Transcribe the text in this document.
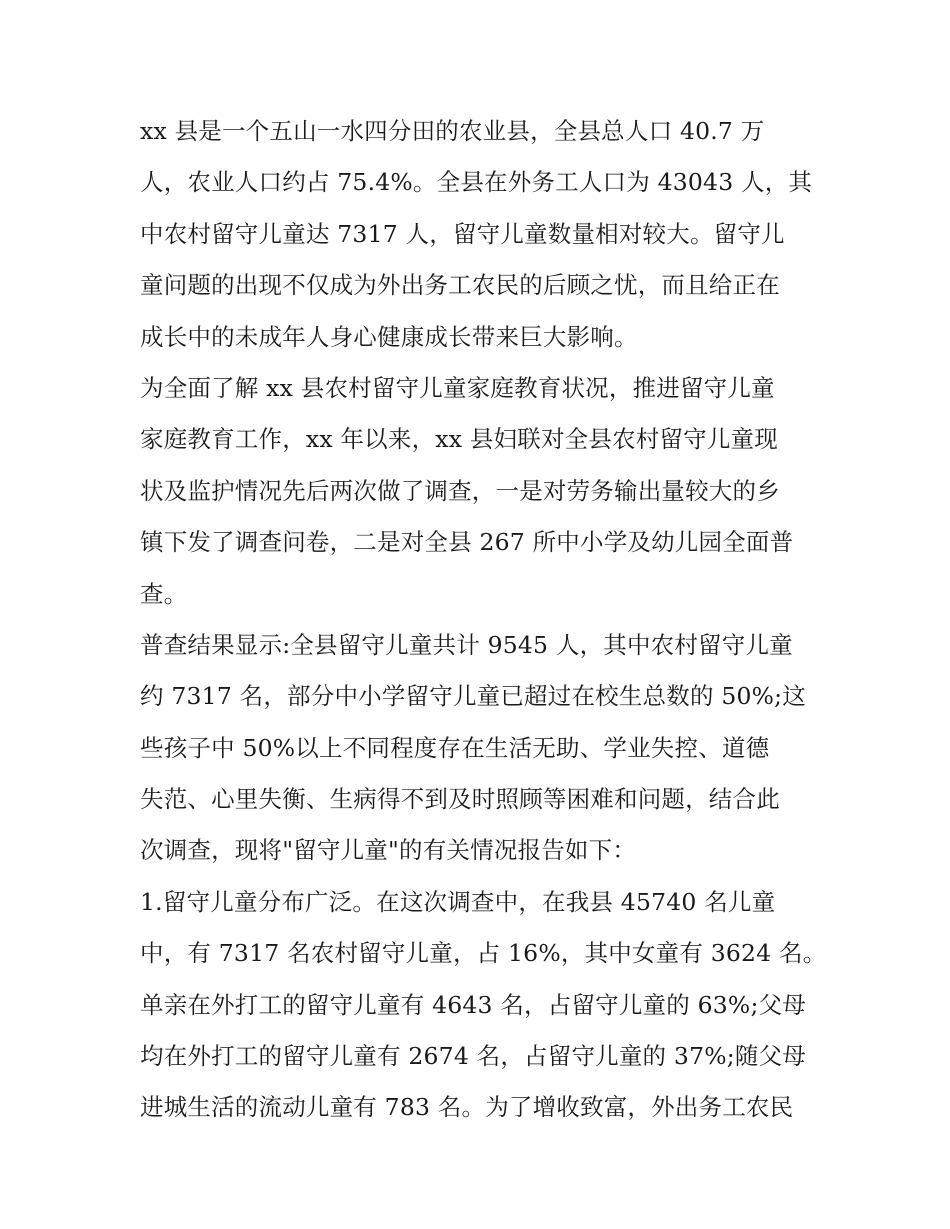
xx 县是一个五山一水四分田的农业县，全县总人口 40.7 万
人，农业人口约占 75.4%。全县在外务工人口为 43043 人，其
中农村留守儿童达 7317 人，留守儿童数量相对较大。留守儿
童问题的出现不仅成为外出务工农民的后顾之忧，而且给正在
成长中的未成年人身心健康成长带来巨大影响。
为全面了解 xx 县农村留守儿童家庭教育状况，推进留守儿童
家庭教育工作，xx 年以来，xx 县妇联对全县农村留守儿童现
状及监护情况先后两次做了调查，一是对劳务输出量较大的乡
镇下发了调查问卷，二是对全县 267 所中小学及幼儿园全面普
查。
普查结果显示:全县留守儿童共计 9545 人，其中农村留守儿童
约 7317 名，部分中小学留守儿童已超过在校生总数的 50%;这
些孩子中 50%以上不同程度存在生活无助、学业失控、道德
失范、心里失衡、生病得不到及时照顾等困难和问题，结合此
次调查，现将"留守儿童"的有关情况报告如下：
1.留守儿童分布广泛。在这次调查中，在我县 45740 名儿童
中，有 7317 名农村留守儿童，占 16%，其中女童有 3624 名。
单亲在外打工的留守儿童有 4643 名，占留守儿童的 63%;父母
均在外打工的留守儿童有 2674 名，占留守儿童的 37%;随父母
进城生活的流动儿童有 783 名。为了增收致富，外出务工农民
